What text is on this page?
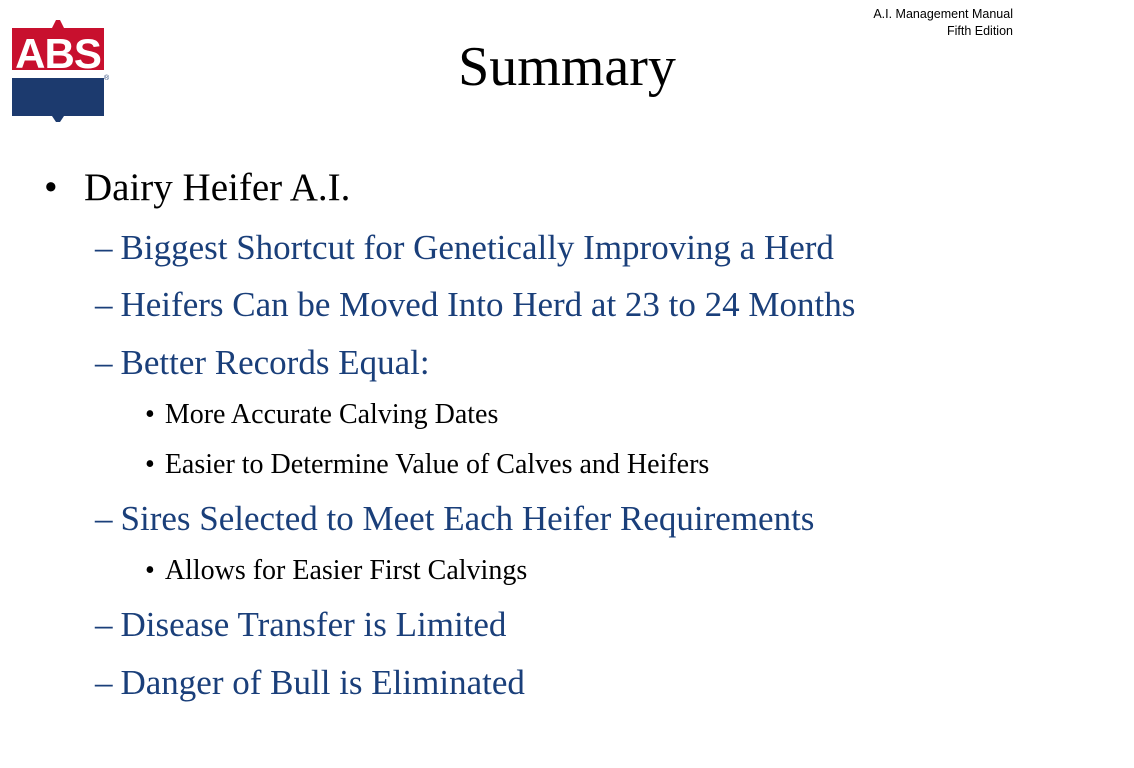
ABS
®
A.I. Management Manual
Fifth Edition
Summary
• Dairy Heifer A.I.
– Biggest Shortcut for Genetically Improving a Herd
– Heifers Can be Moved Into Herd at 23 to 24 Months
– Better Records Equal:
• More Accurate Calving Dates
• Easier to Determine Value of Calves and Heifers
– Sires Selected to Meet Each Heifer Requirements
• Allows for Easier First Calvings
– Disease Transfer is Limited
– Danger of Bull is Eliminated
